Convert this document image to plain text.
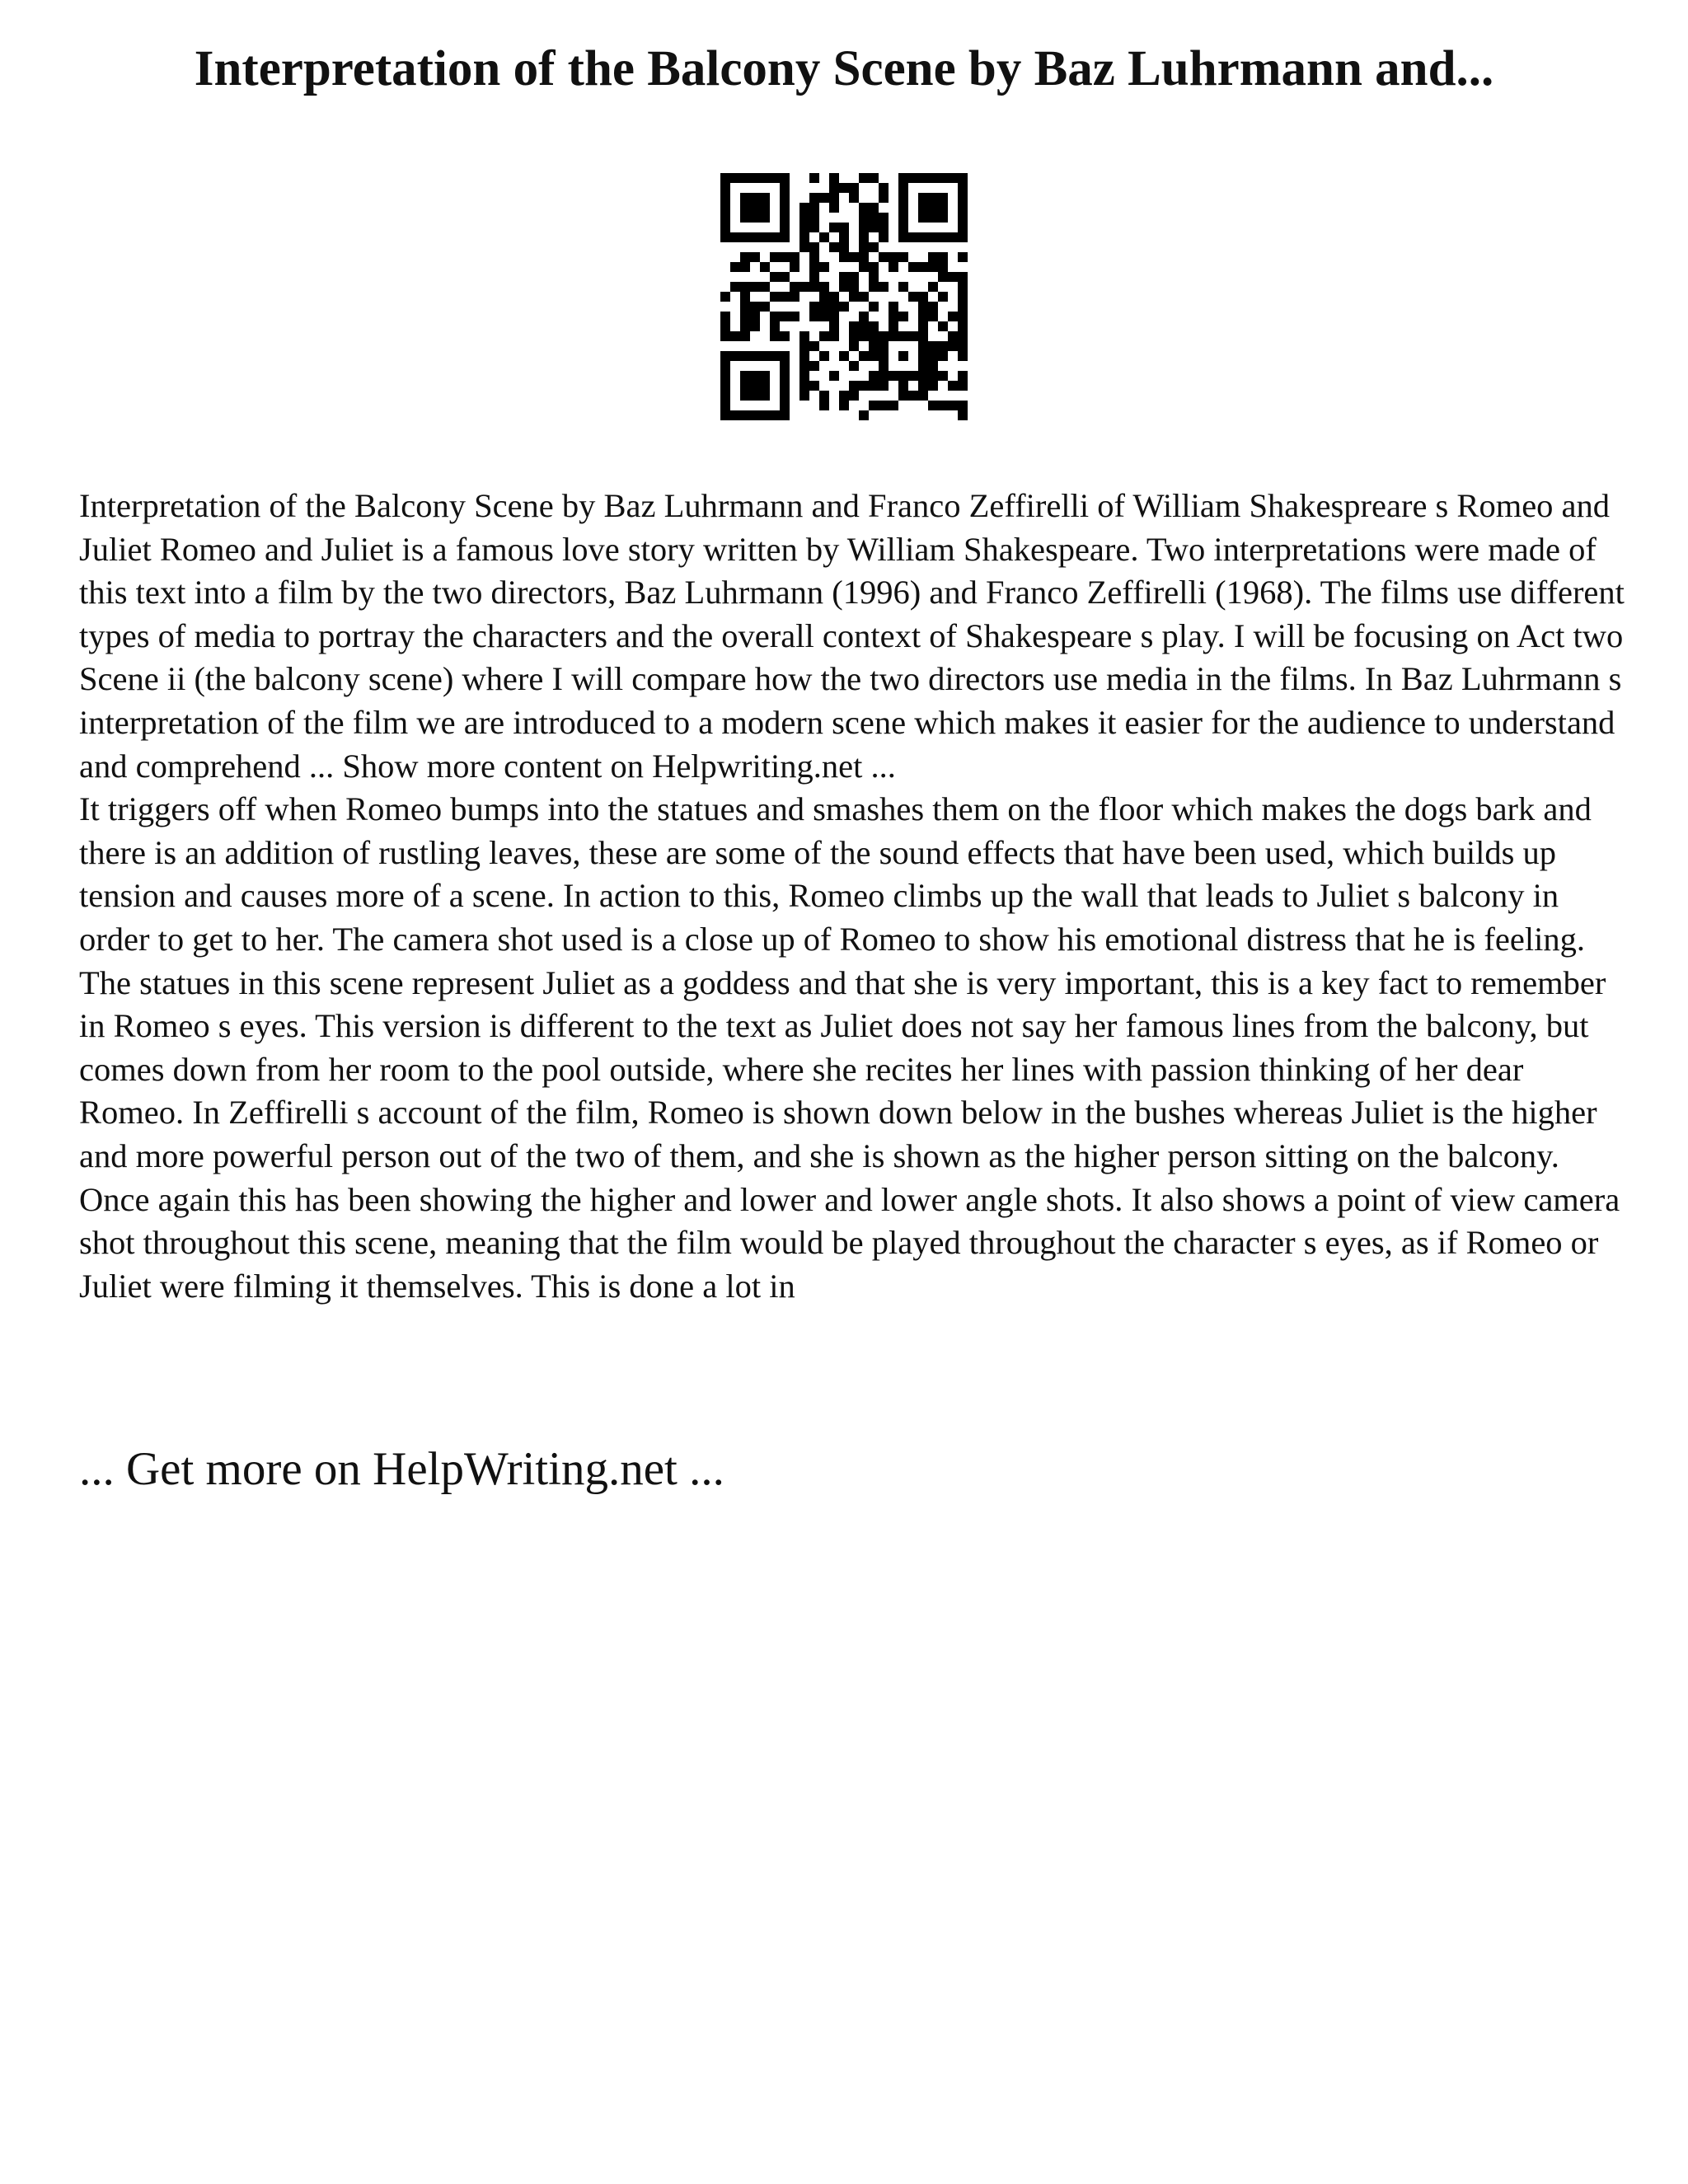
Interpretation of the Balcony Scene by Baz Luhrmann and...

Interpretation of the Balcony Scene by Baz Luhrmann and Franco Zeffirelli of William Shakespreare s Romeo and Juliet Romeo and Juliet is a famous love story written by William Shakespeare. Two interpretations were made of this text into a film by the two directors, Baz Luhrmann (1996) and Franco Zeffirelli (1968). The films use different types of media to portray the characters and the overall context of Shakespeare s play. I will be focusing on Act two Scene ii (the balcony scene) where I will compare how the two directors use media in the films. In Baz Luhrmann s interpretation of the film we are introduced to a modern scene which makes it easier for the audience to understand and comprehend ... Show more content on Helpwriting.net ...

It triggers off when Romeo bumps into the statues and smashes them on the floor which makes the dogs bark and there is an addition of rustling leaves, these are some of the sound effects that have been used, which builds up tension and causes more of a scene. In action to this, Romeo climbs up the wall that leads to Juliet s balcony in order to get to her. The camera shot used is a close up of Romeo to show his emotional distress that he is feeling. The statues in this scene represent Juliet as a goddess and that she is very important, this is a key fact to remember in Romeo s eyes. This version is different to the text as Juliet does not say her famous lines from the balcony, but comes down from her room to the pool outside, where she recites her lines with passion thinking of her dear Romeo. In Zeffirelli s account of the film, Romeo is shown down below in the bushes whereas Juliet is the higher and more powerful person out of the two of them, and she is shown as the higher person sitting on the balcony. Once again this has been showing the higher and lower and lower angle shots. It also shows a point of view camera shot throughout this scene, meaning that the film would be played throughout the character s eyes, as if Romeo or Juliet were filming it themselves. This is done a lot in

... Get more on HelpWriting.net ...
